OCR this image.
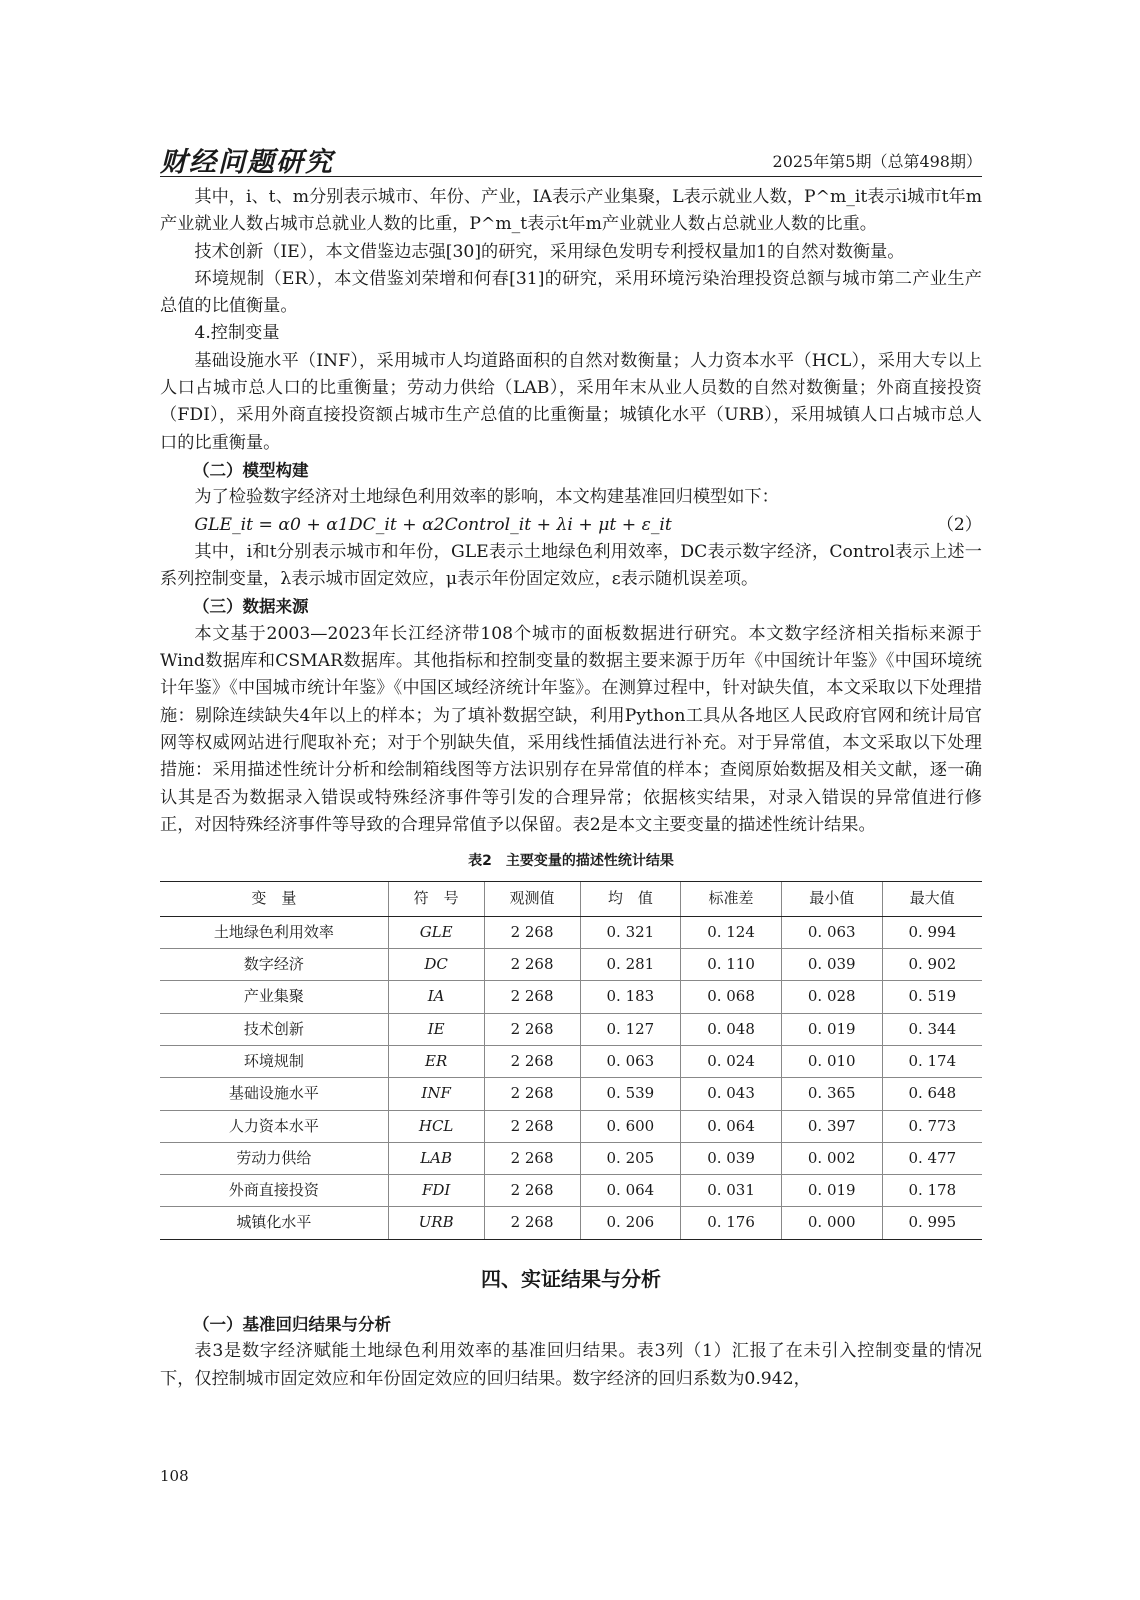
财经问题研究	2025年第5期（总第498期）

其中，i、t、m分别表示城市、年份、产业，IA表示产业集聚，L表示就业人数，P^m_it表示i城市t年m产业就业人数占城市总就业人数的比重，P^m_t表示t年m产业就业人数占总就业人数的比重。

技术创新（IE），本文借鉴边志强[30]的研究，采用绿色发明专利授权量加1的自然对数衡量。

环境规制（ER），本文借鉴刘荣增和何春[31]的研究，采用环境污染治理投资总额与城市第二产业生产总值的比值衡量。

4.控制变量

基础设施水平（INF），采用城市人均道路面积的自然对数衡量；人力资本水平（HCL），采用大专以上人口占城市总人口的比重衡量；劳动力供给（LAB），采用年末从业人员数的自然对数衡量；外商直接投资（FDI），采用外商直接投资额占城市生产总值的比重衡量；城镇化水平（URB），采用城镇人口占城市总人口的比重衡量。

（二）模型构建

为了检验数字经济对土地绿色利用效率的影响，本文构建基准回归模型如下：

GLE_it = α0 + α1DC_it + α2Control_it + λi + μt + ε_it	（2）

其中，i和t分别表示城市和年份，GLE表示土地绿色利用效率，DC表示数字经济，Control表示上述一系列控制变量，λ表示城市固定效应，μ表示年份固定效应，ε表示随机误差项。

（三）数据来源

本文基于2003—2023年长江经济带108个城市的面板数据进行研究。本文数字经济相关指标来源于Wind数据库和CSMAR数据库。其他指标和控制变量的数据主要来源于历年《中国统计年鉴》《中国环境统计年鉴》《中国城市统计年鉴》《中国区域经济统计年鉴》。在测算过程中，针对缺失值，本文采取以下处理措施：剔除连续缺失4年以上的样本；为了填补数据空缺，利用Python工具从各地区人民政府官网和统计局官网等权威网站进行爬取补充；对于个别缺失值，采用线性插值法进行补充。对于异常值，本文采取以下处理措施：采用描述性统计分析和绘制箱线图等方法识别存在异常值的样本；查阅原始数据及相关文献，逐一确认其是否为数据录入错误或特殊经济事件等引发的合理异常；依据核实结果，对录入错误的异常值进行修正，对因特殊经济事件等导致的合理异常值予以保留。表2是本文主要变量的描述性统计结果。

表2　主要变量的描述性统计结果
变　量	符　号	观测值	均　值	标准差	最小值	最大值
土地绿色利用效率	GLE	2 268	0. 321	0. 124	0. 063	0. 994
数字经济	DC	2 268	0. 281	0. 110	0. 039	0. 902
产业集聚	IA	2 268	0. 183	0. 068	0. 028	0. 519
技术创新	IE	2 268	0. 127	0. 048	0. 019	0. 344
环境规制	ER	2 268	0. 063	0. 024	0. 010	0. 174
基础设施水平	INF	2 268	0. 539	0. 043	0. 365	0. 648
人力资本水平	HCL	2 268	0. 600	0. 064	0. 397	0. 773
劳动力供给	LAB	2 268	0. 205	0. 039	0. 002	0. 477
外商直接投资	FDI	2 268	0. 064	0. 031	0. 019	0. 178
城镇化水平	URB	2 268	0. 206	0. 176	0. 000	0. 995
四、实证结果与分析

（一）基准回归结果与分析

表3是数字经济赋能土地绿色利用效率的基准回归结果。表3列（1）汇报了在未引入控制变量的情况下，仅控制城市固定效应和年份固定效应的回归结果。数字经济的回归系数为0.942，

108
